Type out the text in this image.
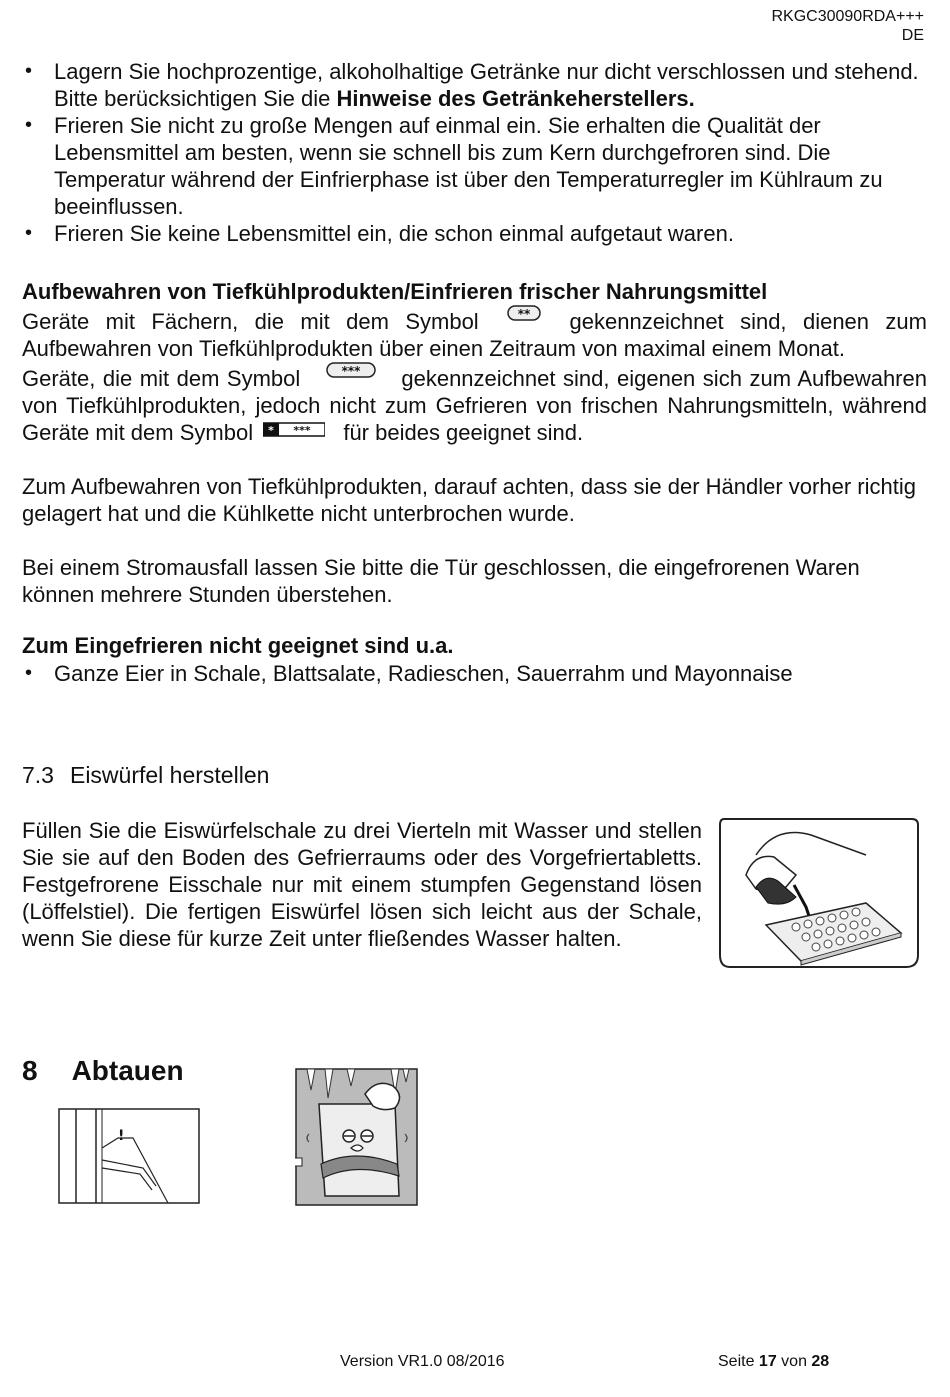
RKGC30090RDA+++
DE
• Lagern Sie hochprozentige, alkoholhaltige Getränke nur dicht verschlossen und stehend. Bitte berücksichtigen Sie die Hinweise des Getränkeherstellers.
• Frieren Sie nicht zu große Mengen auf einmal ein. Sie erhalten die Qualität der Lebensmittel am besten, wenn sie schnell bis zum Kern durchgefroren sind. Die Temperatur während der Einfrierphase ist über den Temperaturregler im Kühlraum zu beeinflussen.
• Frieren Sie keine Lebensmittel ein, die schon einmal aufgetaut waren.
Aufbewahren von Tiefkühlprodukten/Einfrieren frischer Nahrungsmittel
Geräte mit Fächern, die mit dem Symbol	** gekennzeichnet sind, dienen zum Aufbewahren von Tiefkühlprodukten über einen Zeitraum von maximal einem Monat.
Geräte, die mit dem Symbol	*** gekennzeichnet sind, eigenen sich zum Aufbewahren von Tiefkühlprodukten, jedoch nicht zum Gefrieren von frischen Nahrungsmitteln, während Geräte mit dem Symbol * *** für beides geeignet sind.
Zum Aufbewahren von Tiefkühlprodukten, darauf achten, dass sie der Händler vorher richtig gelagert hat und die Kühlkette nicht unterbrochen wurde.
Bei einem Stromausfall lassen Sie bitte die Tür geschlossen, die eingefrorenen Waren können mehrere Stunden überstehen.
Zum Eingefrieren nicht geeignet sind u.a.
• Ganze Eier in Schale, Blattsalate, Radieschen, Sauerrahm und Mayonnaise
7.3 Eiswürfel herstellen
Füllen Sie die Eiswürfelschale zu drei Vierteln mit Wasser und stellen Sie sie auf den Boden des Gefrierraums oder des Vorgefriertabletts. Festgefrorene Eisschale nur mit einem stumpfen Gegenstand lösen (Löffelstiel). Die fertigen Eiswürfel lösen sich leicht aus der Schale, wenn Sie diese für kurze Zeit unter fließendes Wasser halten.
8 Abtauen
!
Version VR1.0 08/2016	Seite 17 von 28
